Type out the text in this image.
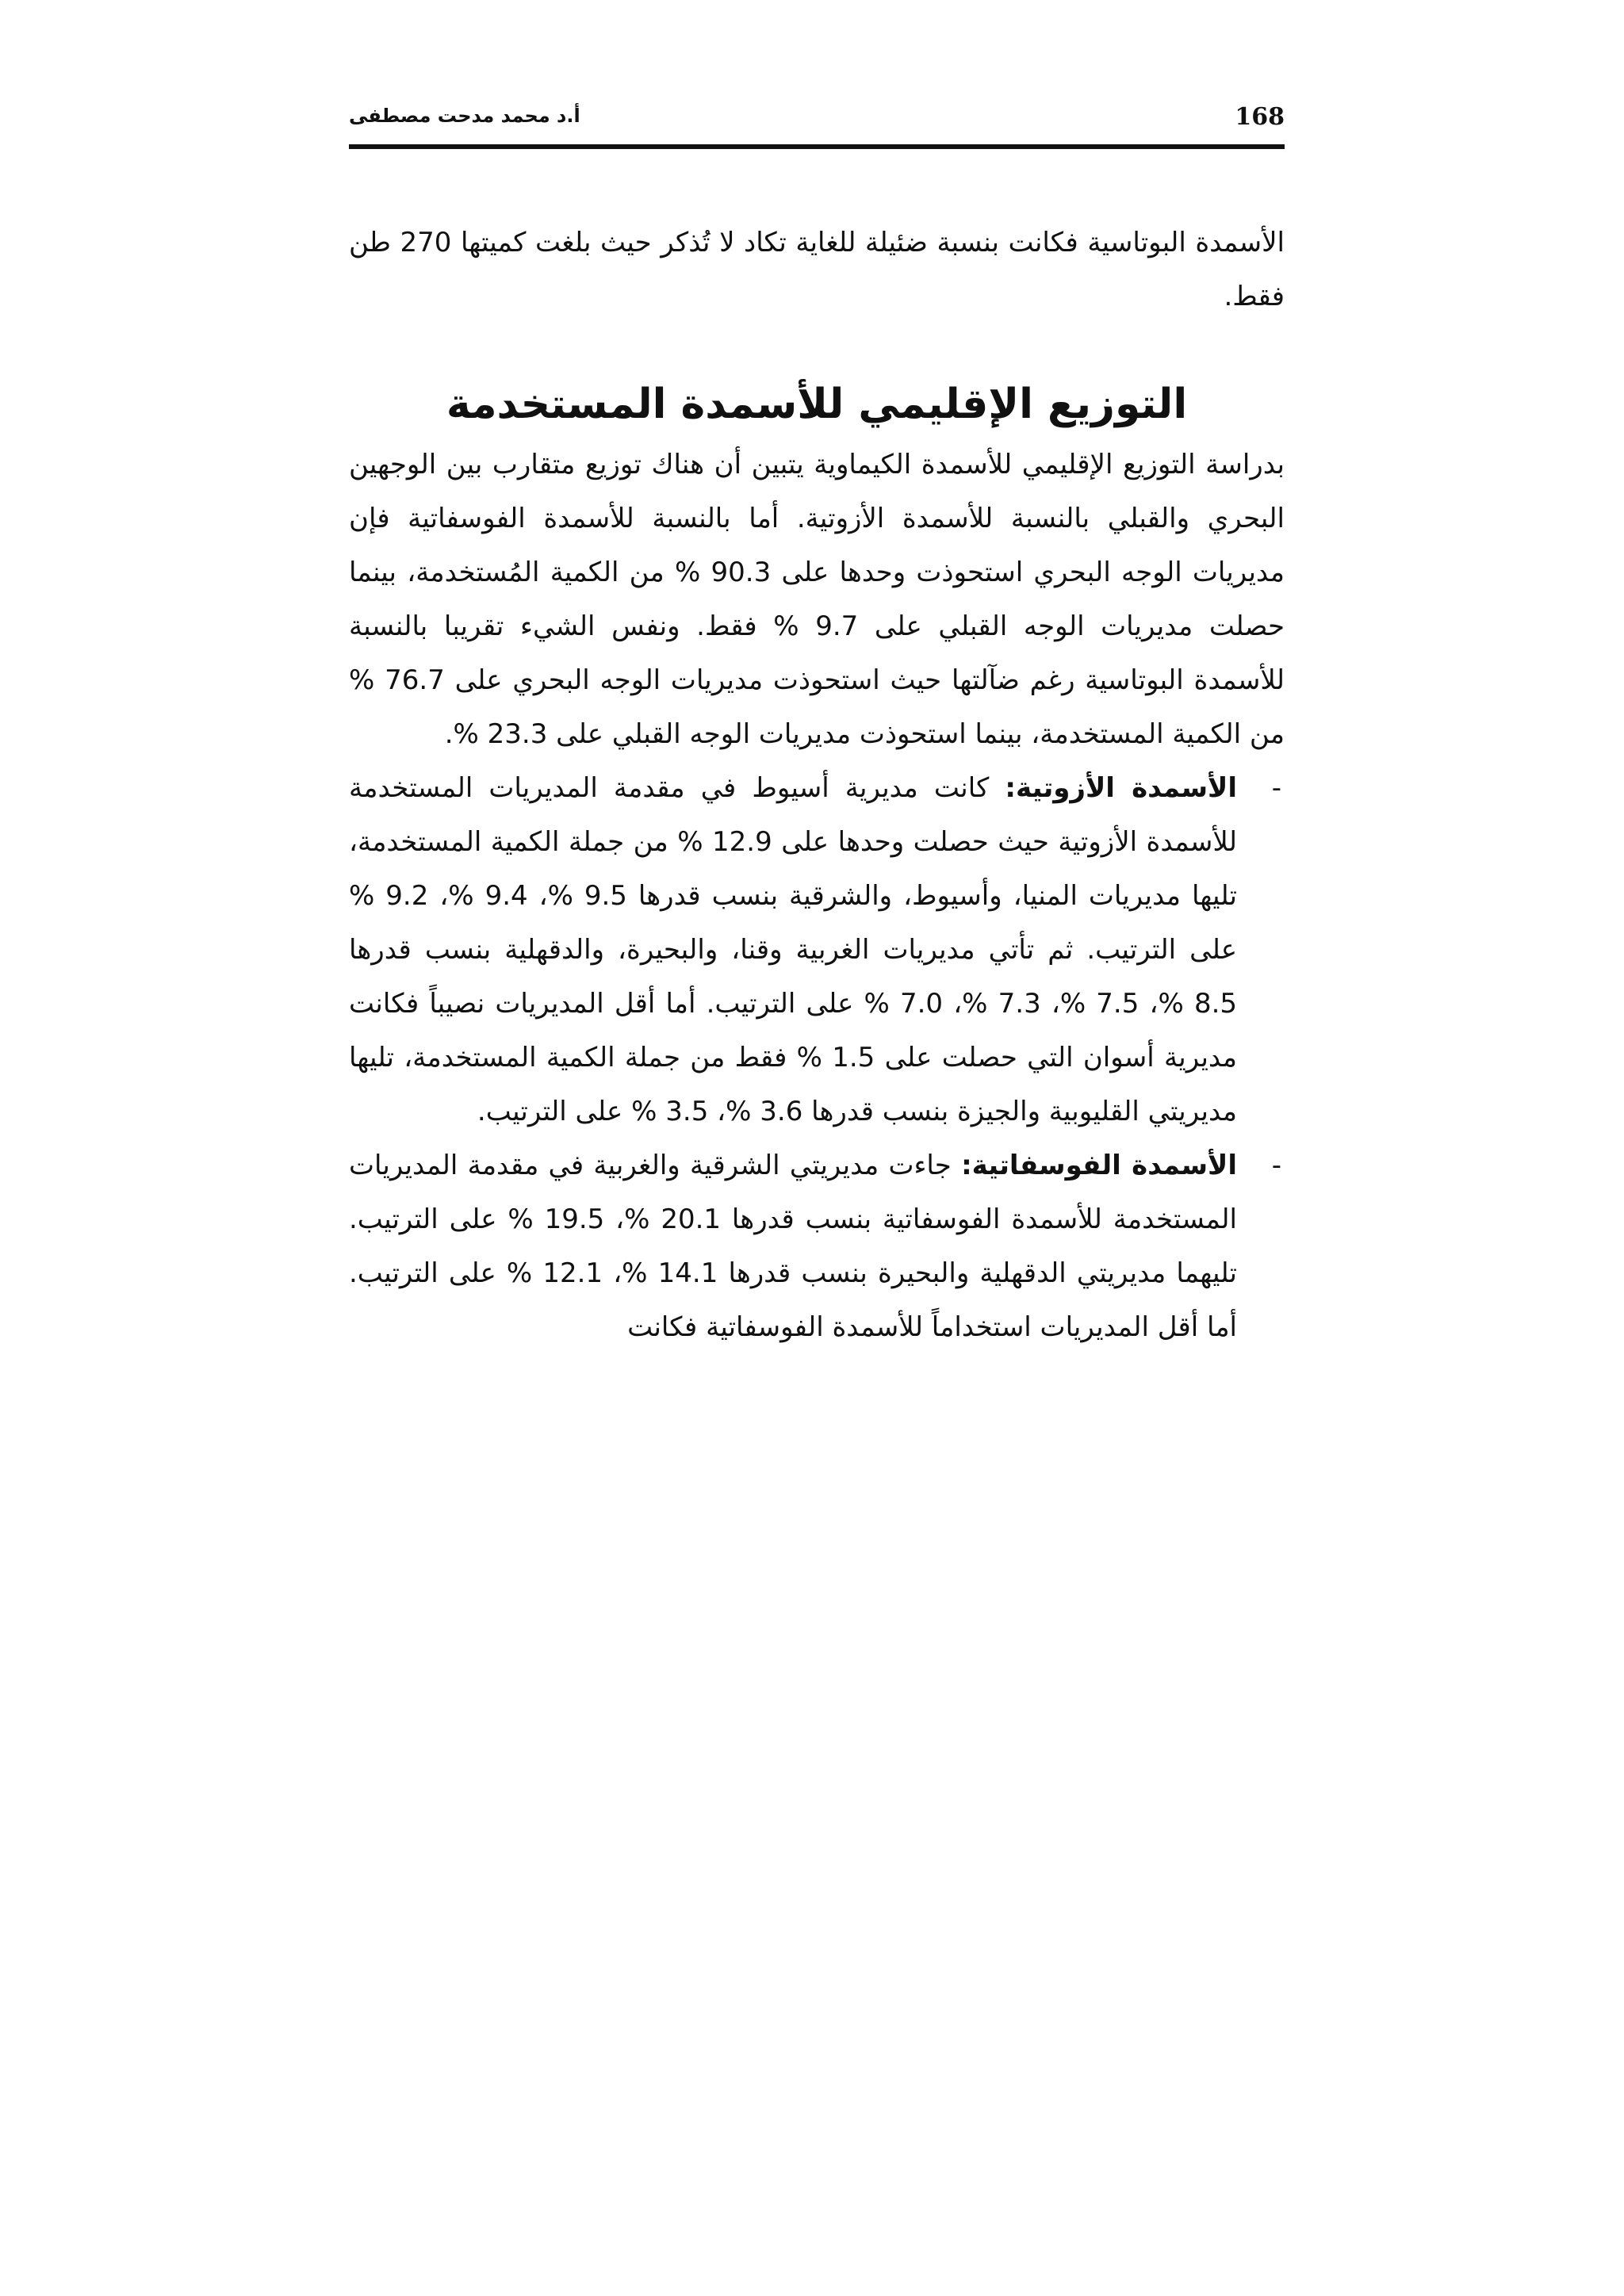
168
أ.د محمد مدحت مصطفى

الأسمدة البوتاسية فكانت بنسبة ضئيلة للغاية تكاد لا تُذكر حيث بلغت كميتها 270 طن فقط.

التوزيع الإقليمي للأسمدة المستخدمة

بدراسة التوزيع الإقليمي للأسمدة الكيماوية يتبين أن هناك توزيع متقارب بين الوجهين البحري والقبلي بالنسبة للأسمدة الأزوتية. أما بالنسبة للأسمدة الفوسفاتية فإن مديريات الوجه البحري استحوذت وحدها على 90.3 % من الكمية المُستخدمة، بينما حصلت مديريات الوجه القبلي على 9.7 % فقط. ونفس الشيء تقريبا بالنسبة للأسمدة البوتاسية رغم ضآلتها حيث استحوذت مديريات الوجه البحري على 76.7 % من الكمية المستخدمة، بينما استحوذت مديريات الوجه القبلي على 23.3 %.

-
الأسمدة الأزوتية: كانت مديرية أسيوط في مقدمة المديريات المستخدمة للأسمدة الأزوتية حيث حصلت وحدها على 12.9 % من جملة الكمية المستخدمة، تليها مديريات المنيا، وأسيوط، والشرقية بنسب قدرها 9.5 %، 9.4 %، 9.2 % على الترتيب. ثم تأتي مديريات الغربية وقنا، والبحيرة، والدقهلية بنسب قدرها 8.5 %، 7.5 %، 7.3 %، 7.0 % على الترتيب. أما أقل المديريات نصيباً فكانت مديرية أسوان التي حصلت على 1.5 % فقط من جملة الكمية المستخدمة، تليها مديريتي القليوبية والجيزة بنسب قدرها 3.6 %، 3.5 % على الترتيب.
-
الأسمدة الفوسفاتية: جاءت مديريتي الشرقية والغربية في مقدمة المديريات المستخدمة للأسمدة الفوسفاتية بنسب قدرها 20.1 %، 19.5 % على الترتيب. تليهما مديريتي الدقهلية والبحيرة بنسب قدرها 14.1 %، 12.1 % على الترتيب. أما أقل المديريات استخداماً للأسمدة الفوسفاتية فكانت
